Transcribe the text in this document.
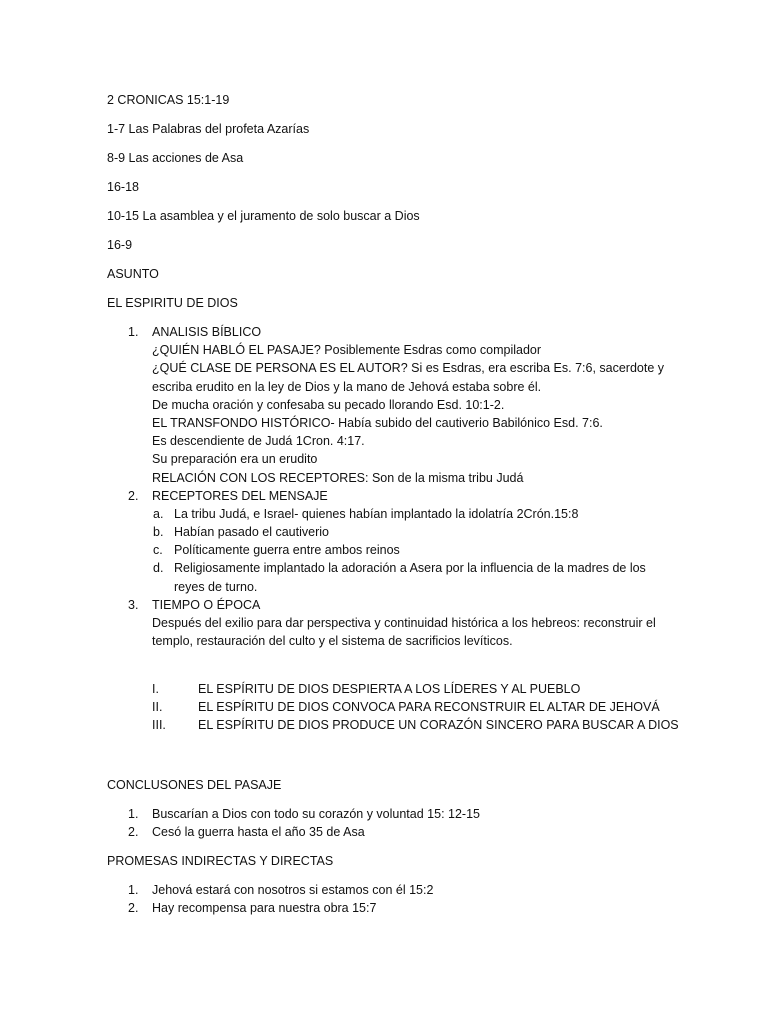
2 CRONICAS 15:1-19
1-7 Las Palabras del profeta Azarías
8-9 Las acciones de Asa
16-18
10-15 La asamblea y el juramento de solo buscar a Dios
16-9
ASUNTO
EL ESPIRITU DE DIOS
1. ANALISIS BÍBLICO
¿QUIÉN HABLÓ EL PASAJE? Posiblemente Esdras como compilador
¿QUÉ CLASE DE PERSONA ES EL AUTOR? Si es Esdras, era escriba Es. 7:6, sacerdote y
escriba erudito en la ley de Dios y la mano de Jehová estaba sobre él.
De mucha oración y confesaba su pecado llorando Esd. 10:1-2.
EL TRANSFONDO HISTÓRICO- Había subido del cautiverio Babilónico Esd. 7:6.
Es descendiente de Judá 1Cron. 4:17.
Su preparación era un erudito
RELACIÓN CON LOS RECEPTORES: Son de la misma tribu Judá
2. RECEPTORES DEL MENSAJE
a. La tribu Judá, e Israel- quienes habían implantado la idolatría 2Crón.15:8
b. Habían pasado el cautiverio
c. Políticamente guerra entre ambos reinos
d. Religiosamente implantado la adoración a Asera por la influencia de la madres de los
reyes de turno.
3. TIEMPO O ÉPOCA
Después del exilio para dar perspectiva y continuidad histórica a los hebreos: reconstruir el
templo, restauración del culto y el sistema de sacrificios levíticos.
I.	EL ESPÍRITU DE DIOS DESPIERTA A LOS LÍDERES Y AL PUEBLO
II.	EL ESPÍRITU DE DIOS CONVOCA PARA RECONSTRUIR EL ALTAR DE JEHOVÁ
III.	EL ESPÍRITU DE DIOS PRODUCE UN CORAZÓN SINCERO PARA BUSCAR A DIOS
CONCLUSONES DEL PASAJE
1. Buscarían a Dios con todo su corazón y voluntad 15: 12-15
2. Cesó la guerra hasta el año 35 de Asa
PROMESAS INDIRECTAS Y DIRECTAS
1. Jehová estará con nosotros si estamos con él 15:2
2. Hay recompensa para nuestra obra 15:7
